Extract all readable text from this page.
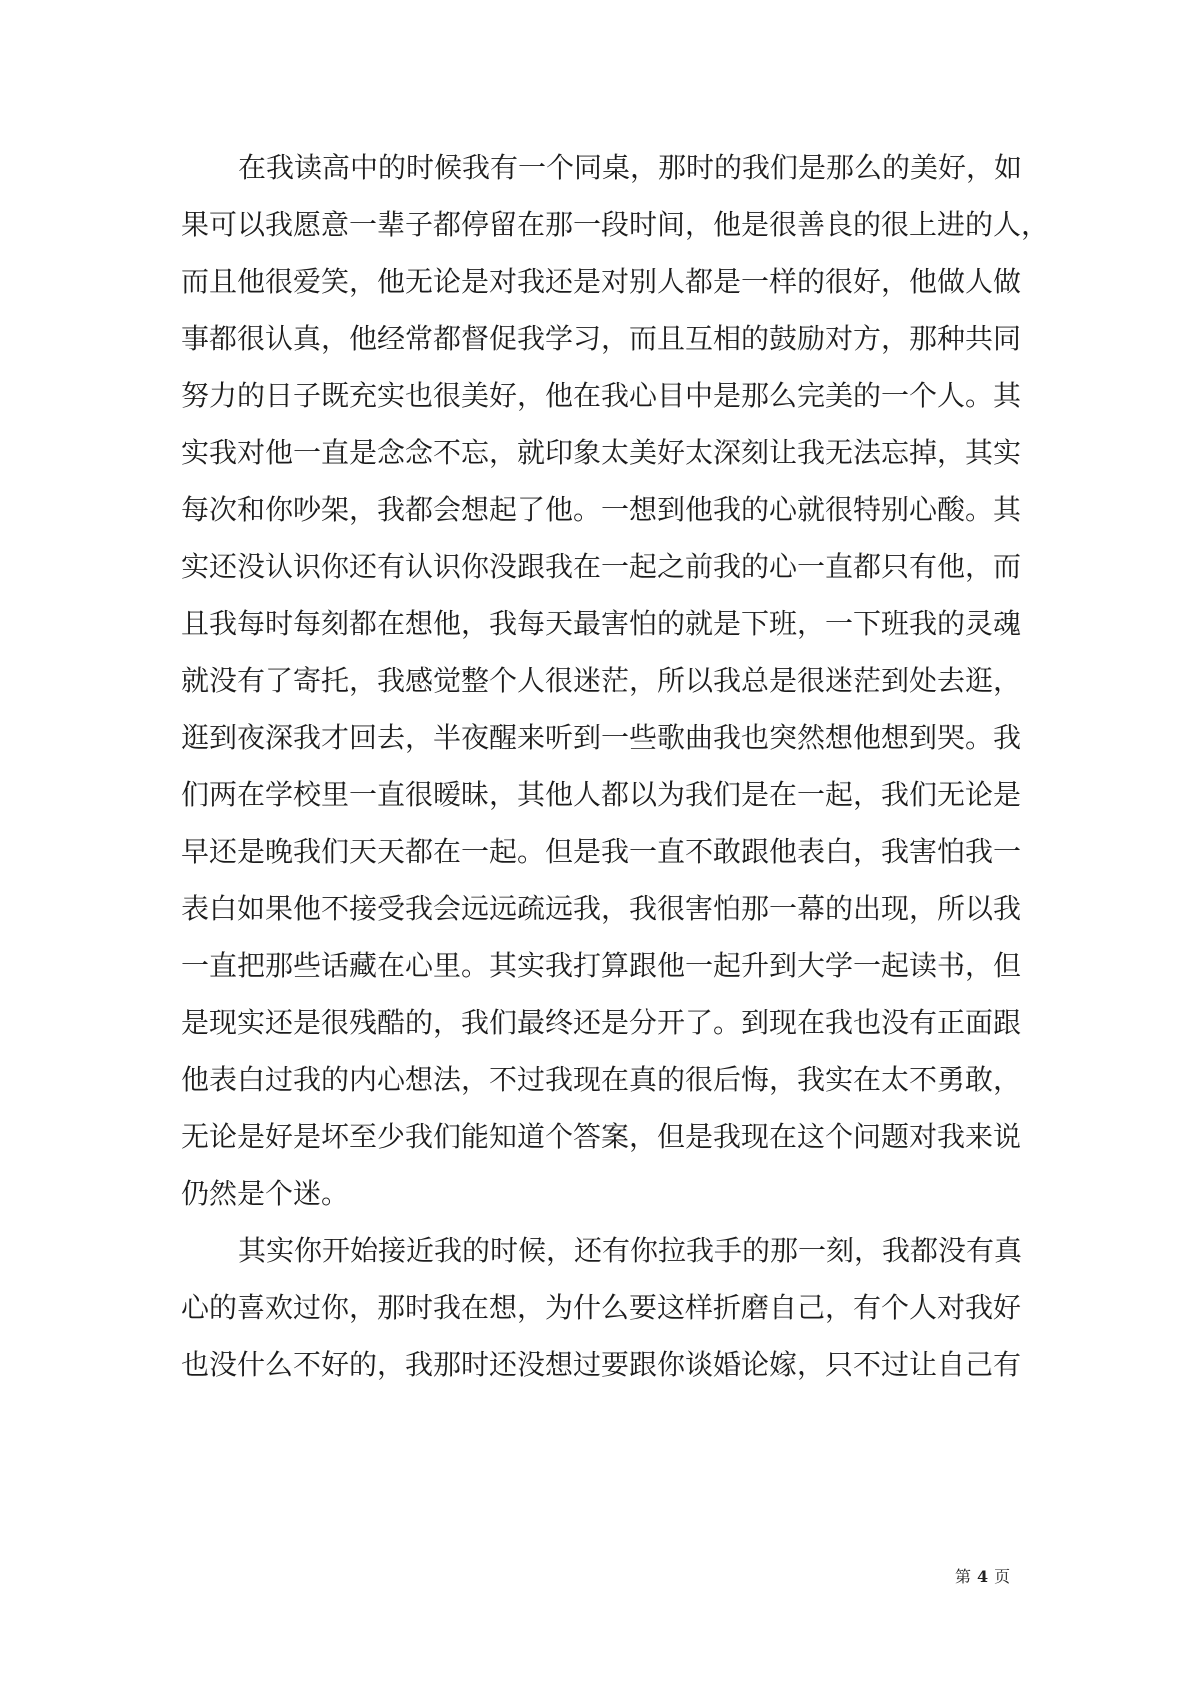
在我读高中的时候我有一个同桌，那时的我们是那么的美好，如
果可以我愿意一辈子都停留在那一段时间，他是很善良的很上进的人，
而且他很爱笑，他无论是对我还是对别人都是一样的很好，他做人做
事都很认真，他经常都督促我学习，而且互相的鼓励对方，那种共同
努力的日子既充实也很美好，他在我心目中是那么完美的一个人。其
实我对他一直是念念不忘，就印象太美好太深刻让我无法忘掉，其实
每次和你吵架，我都会想起了他。一想到他我的心就很特别心酸。其
实还没认识你还有认识你没跟我在一起之前我的心一直都只有他，而
且我每时每刻都在想他，我每天最害怕的就是下班，一下班我的灵魂
就没有了寄托，我感觉整个人很迷茫，所以我总是很迷茫到处去逛，
逛到夜深我才回去，半夜醒来听到一些歌曲我也突然想他想到哭。我
们两在学校里一直很暧昧，其他人都以为我们是在一起，我们无论是
早还是晚我们天天都在一起。但是我一直不敢跟他表白，我害怕我一
表白如果他不接受我会远远疏远我，我很害怕那一幕的出现，所以我
一直把那些话藏在心里。其实我打算跟他一起升到大学一起读书，但
是现实还是很残酷的，我们最终还是分开了。到现在我也没有正面跟
他表白过我的内心想法，不过我现在真的很后悔，我实在太不勇敢，
无论是好是坏至少我们能知道个答案，但是我现在这个问题对我来说
仍然是个迷。
其实你开始接近我的时候，还有你拉我手的那一刻，我都没有真
心的喜欢过你，那时我在想，为什么要这样折磨自己，有个人对我好
也没什么不好的，我那时还没想过要跟你谈婚论嫁，只不过让自己有
第 4 页
